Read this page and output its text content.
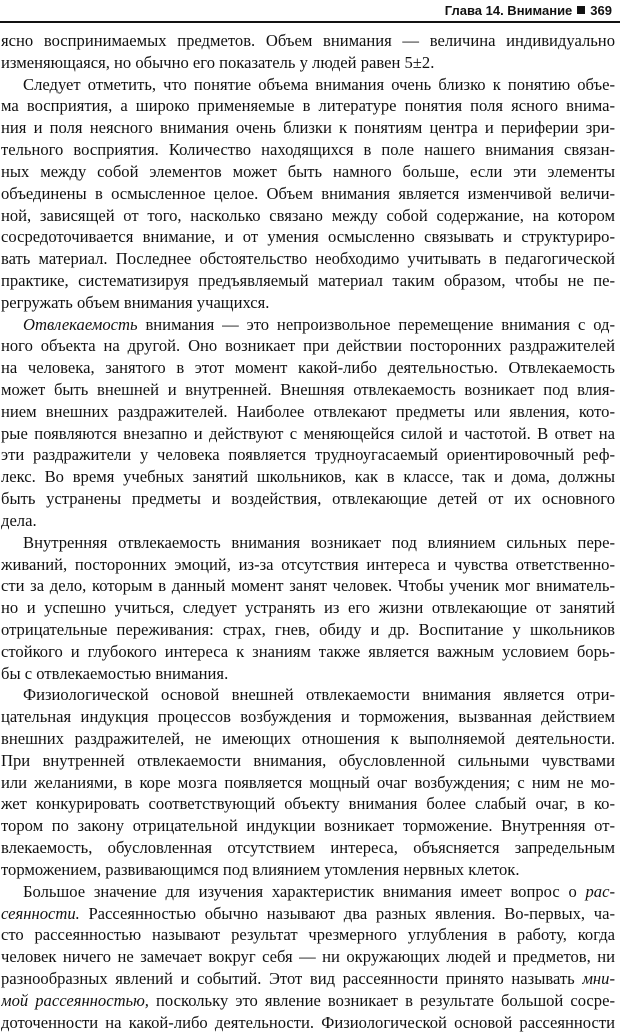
Глава 14. Внимание 369
ясно воспринимаемых предметов. Объем внимания — величина индивидуально
изменяющаяся, но обычно его показатель у людей равен 5±2.
Следует отметить, что понятие объема внимания очень близко к понятию объе-
ма восприятия, а широко применяемые в литературе понятия поля ясного внима-
ния и поля неясного внимания очень близки к понятиям центра и периферии зри-
тельного восприятия. Количество находящихся в поле нашего внимания связан-
ных между собой элементов может быть намного больше, если эти элементы
объединены в осмысленное целое. Объем внимания является изменчивой величи-
ной, зависящей от того, насколько связано между собой содержание, на котором
сосредоточивается внимание, и от умения осмысленно связывать и структуриро-
вать материал. Последнее обстоятельство необходимо учитывать в педагогической
практике, систематизируя предъявляемый материал таким образом, чтобы не пе-
регружать объем внимания учащихся.
Отвлекаемость внимания — это непроизвольное перемещение внимания с од-
ного объекта на другой. Оно возникает при действии посторонних раздражителей
на человека, занятого в этот момент какой-либо деятельностью. Отвлекаемость
может быть внешней и внутренней. Внешняя отвлекаемость возникает под влия-
нием внешних раздражителей. Наиболее отвлекают предметы или явления, кото-
рые появляются внезапно и действуют с меняющейся силой и частотой. В ответ на
эти раздражители у человека появляется трудноугасаемый ориентировочный реф-
лекс. Во время учебных занятий школьников, как в классе, так и дома, должны
быть устранены предметы и воздействия, отвлекающие детей от их основного
дела.
Внутренняя отвлекаемость внимания возникает под влиянием сильных пере-
живаний, посторонних эмоций, из-за отсутствия интереса и чувства ответственно-
сти за дело, которым в данный момент занят человек. Чтобы ученик мог вниматель-
но и успешно учиться, следует устранять из его жизни отвлекающие от занятий
отрицательные переживания: страх, гнев, обиду и др. Воспитание у школьников
стойкого и глубокого интереса к знаниям также является важным условием борь-
бы с отвлекаемостью внимания.
Физиологической основой внешней отвлекаемости внимания является отри-
цательная индукция процессов возбуждения и торможения, вызванная действием
внешних раздражителей, не имеющих отношения к выполняемой деятельности.
При внутренней отвлекаемости внимания, обусловленной сильными чувствами
или желаниями, в коре мозга появляется мощный очаг возбуждения; с ним не мо-
жет конкурировать соответствующий объекту внимания более слабый очаг, в ко-
тором по закону отрицательной индукции возникает торможение. Внутренняя от-
влекаемость, обусловленная отсутствием интереса, объясняется запредельным
торможением, развивающимся под влиянием утомления нервных клеток.
Большое значение для изучения характеристик внимания имеет вопрос о рас-
сеянности. Рассеянностью обычно называют два разных явления. Во-первых, ча-
сто рассеянностью называют результат чрезмерного углубления в работу, когда
человек ничего не замечает вокруг себя — ни окружающих людей и предметов, ни
разнообразных явлений и событий. Этот вид рассеянности принято называть мни-
мой рассеянностью, поскольку это явление возникает в результате большой сосре-
доточенности на какой-либо деятельности. Физиологической основой рассеянности
